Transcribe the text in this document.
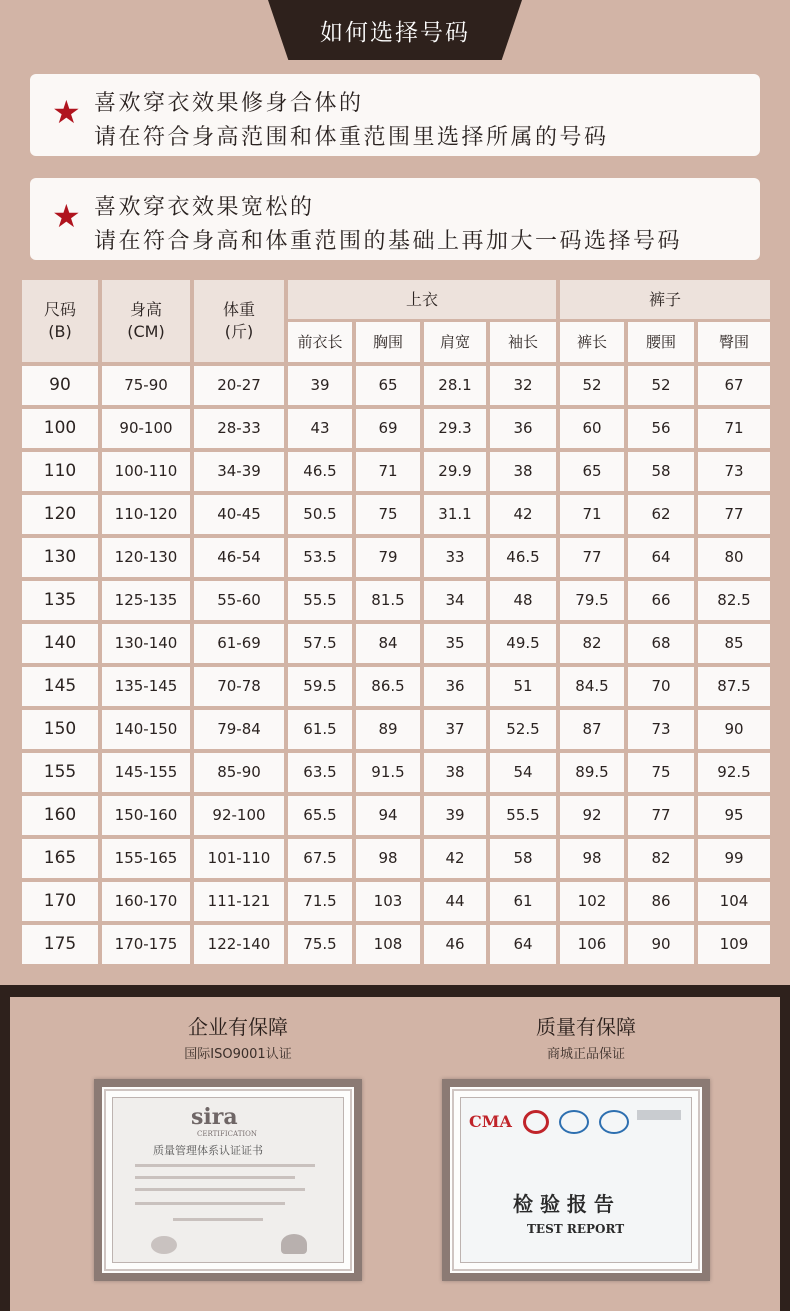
如何选择号码
★ 喜欢穿衣效果修身合体的
请在符合身高范围和体重范围里选择所属的号码
★ 喜欢穿衣效果宽松的
请在符合身高和体重范围的基础上再加大一码选择号码
尺码
(B)
身高
(CM)
体重
(斤)
上衣	裤子
前衣长	胸围	肩宽	袖长	裤长	腰围	臀围
90	75-90	20-27	39	65	28.1	32	52	52	67
100	90-100	28-33	43	69	29.3	36	60	56	71
110	100-110	34-39	46.5	71	29.9	38	65	58	73
120	110-120	40-45	50.5	75	31.1	42	71	62	77
130	120-130	46-54	53.5	79	33	46.5	77	64	80
135	125-135	55-60	55.5	81.5	34	48	79.5	66	82.5
140	130-140	61-69	57.5	84	35	49.5	82	68	85
145	135-145	70-78	59.5	86.5	36	51	84.5	70	87.5
150	140-150	79-84	61.5	89	37	52.5	87	73	90
155	145-155	85-90	63.5	91.5	38	54	89.5	75	92.5
160	150-160	92-100	65.5	94	39	55.5	92	77	95
165	155-165	101-110	67.5	98	42	58	98	82	99
170	160-170	111-121	71.5	103	44	61	102	86	104
175	170-175	122-140	75.5	108	46	64	106	90	109
企业有保障
国际ISO9001认证
质量有保障
商城正品保证
sira
CERTIFICATION
质量管理体系认证证书
CMA
检 验 报 告
TEST REPORT
